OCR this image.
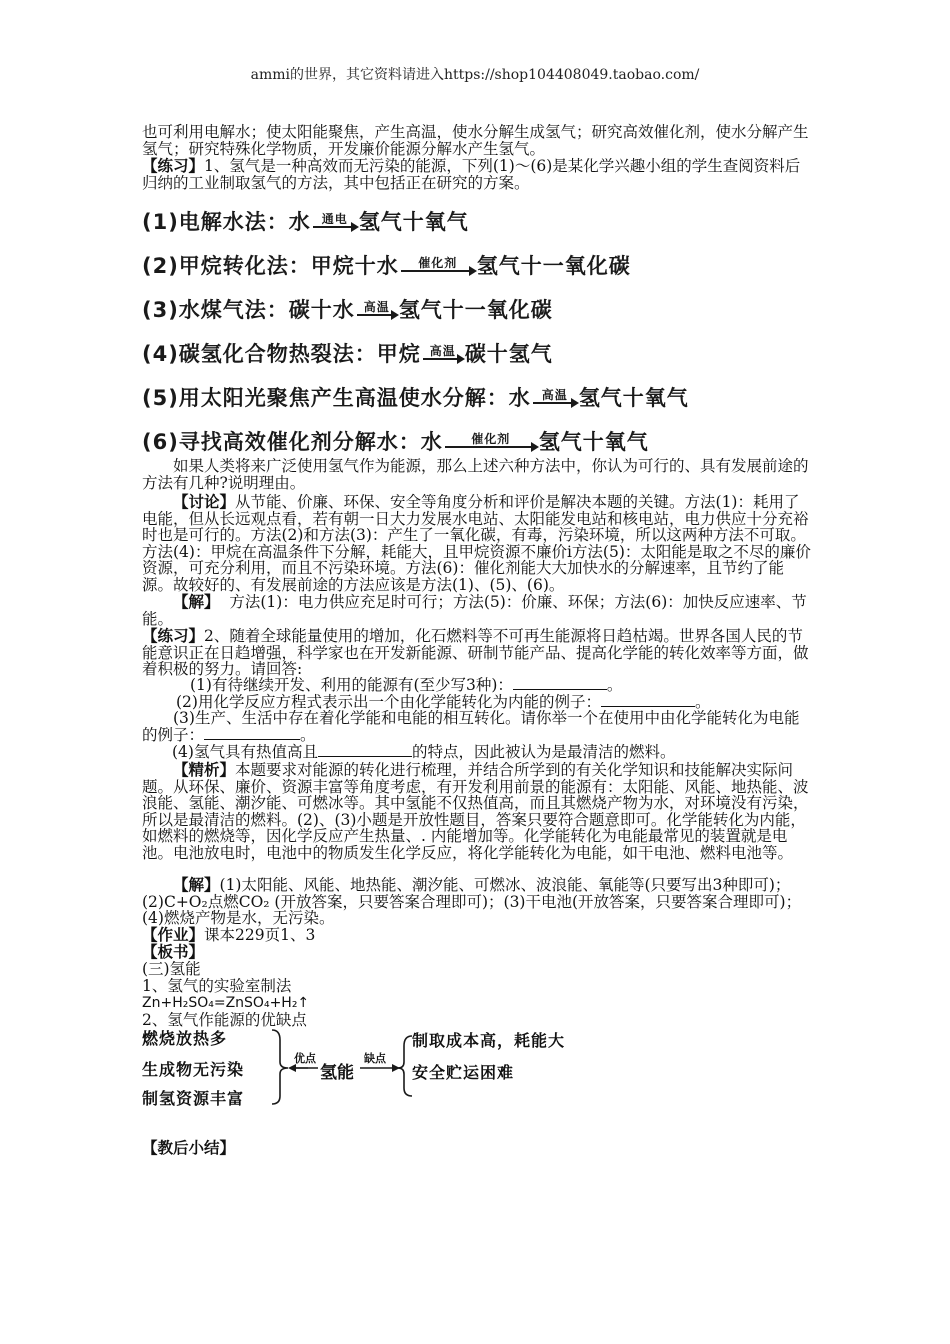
ammi的世界，其它资料请进入https://shop104408049.taobao.com/
也可利用电解水；使太阳能聚焦，产生高温，使水分解生成氢气；研究高效催化剂，使水分解产生氢气；研究特殊化学物质，开发廉价能源分解水产生氢气。
【练习】1、氢气是一种高效而无污染的能源，下列(1)～(6)是某化学兴趣小组的学生查阅资料后归纳的工业制取氢气的方法，其中包括正在研究的方案。
(1)电解水法：水 通电 氢气十氧气
(2)甲烷转化法：甲烷十水 催化剂 氢气十一氧化碳
(3)水煤气法：碳十水 高温 氢气十一氧化碳
(4)碳氢化合物热裂法：甲烷 高温 碳十氢气
(5)用太阳光聚焦产生高温使水分解：水 高温 氢气十氧气
(6)寻找高效催化剂分解水：水 催化剂 氢气十氧气
如果人类将来广泛使用氢气作为能源，那么上述六种方法中，你认为可行的、具有发展前途的方法有几种?说明理由。
【讨论】从节能、价廉、环保、安全等角度分析和评价是解决本题的关键。方法(1)：耗用了电能，但从长远观点看，若有朝一日大力发展水电站、太阳能发电站和核电站，电力供应十分充裕时也是可行的。方法(2)和方法(3)：产生了一氧化碳，有毒，污染环境，所以这两种方法不可取。方法(4)：甲烷在高温条件下分解，耗能大，且甲烷资源不廉价i方法(5)：太阳能是取之不尽的廉价资源，可充分利用，而且不污染环境。方法(6)：催化剂能大大加快水的分解速率，且节约了能源。故较好的、有发展前途的方法应该是方法(1)、(5)、(6)。
【解】 方法(1)：电力供应充足时可行；方法(5)：价廉、环保；方法(6)：加快反应速率、节能。
【练习】2、随着全球能量使用的增加，化石燃料等不可再生能源将日趋枯竭。世界各国人民的节能意识正在日趋增强，科学家也在开发新能源、研制节能产品、提高化学能的转化效率等方面，做着积极的努力。请回答:
(1)有待继续开发、利用的能源有(至少写3种)：	。
(2)用化学反应方程式表示出一个由化学能转化为内能的例子：	。
(3)生产、生活中存在着化学能和电能的相互转化。请你举一个在使用中由化学能转化为电能的例子：	。
(4)氢气具有热值高且	的特点，因此被认为是最清洁的燃料。
【精析】本题要求对能源的转化进行梳理，并结合所学到的有关化学知识和技能解决实际问题。从环保、廉价、资源丰富等角度考虑，有开发利用前景的能源有：太阳能、风能、地热能、波浪能、氢能、潮汐能、可燃冰等。其中氢能不仅热值高，而且其燃烧产物为水，对环境没有污染，所以是最清洁的燃料。(2)、(3)小题是开放性题目，答案只要符合题意即可。化学能转化为内能，如燃料的燃烧等，因化学反应产生热量、. 内能增加等。化学能转化为电能最常见的装置就是电池。电池放电时，电池中的物质发生化学反应，将化学能转化为电能，如干电池、燃料电池等。
【解】(1)太阳能、风能、地热能、潮汐能、可燃冰、波浪能、氧能等(只要写出3种即可)；(2)C+O₂点燃CO₂ (开放答案，只要答案合理即可)；(3)干电池(开放答案，只要答案合理即可)；(4)燃烧产物是水，无污染。
【作业】课本229页1、3
【板书】
(三)氢能
1、氢气的实验室制法
Zn+H₂SO₄=ZnSO₄+H₂↑
2、氢气作能源的优缺点
燃烧放热多
生成物无污染
制氢资源丰富
优点
氢能
缺点
制取成本高，耗能大
安全贮运困难
【教后小结】
